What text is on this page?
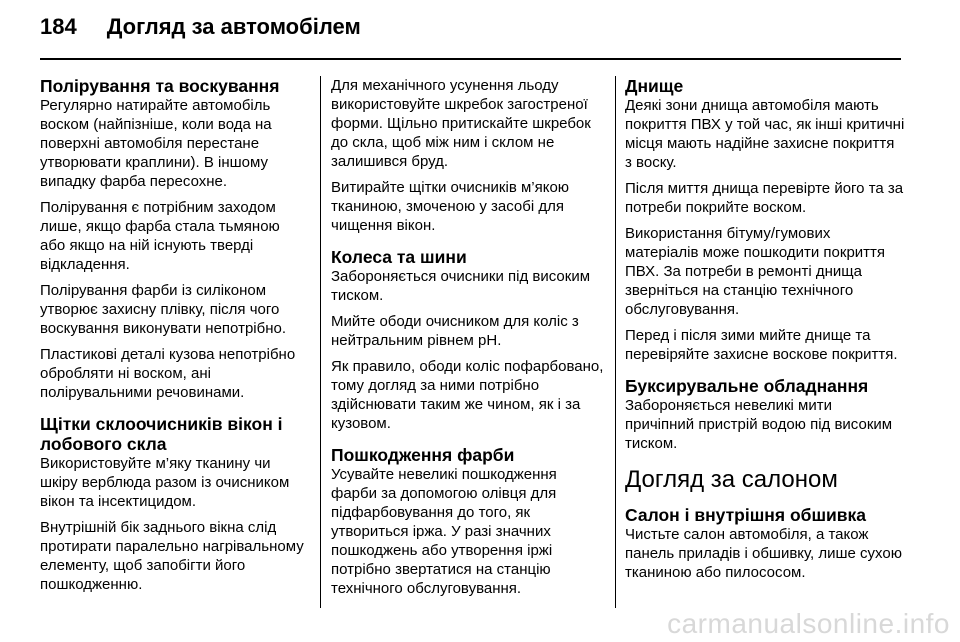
184 Догляд за автомобілем
Полірування та воскування

Регулярно натирайте автомобіль воском (найпізніше, коли вода на поверхні автомобіля перестане утворювати краплини). В іншому випадку фарба пересохне.

Полірування є потрібним заходом лише, якщо фарба стала тьмяною або якщо на ній існують тверді відкладення.

Полірування фарби із силіконом утворює захисну плівку, після чого воскування виконувати непотрібно.

Пластикові деталі кузова непотрібно обробляти ні воском, ані полірувальними речовинами.

Щітки склоочисників вікон і лобового скла

Використовуйте м’яку тканину чи шкіру верблюда разом із очисником вікон та інсектицидом.

Внутрішній бік заднього вікна слід протирати паралельно нагрівальному елементу, щоб запобігти його пошкодженню.

Для механічного усунення льоду використовуйте шкребок загостреної форми. Щільно притискайте шкребок до скла, щоб між ним і склом не залишився бруд.

Витирайте щітки очисників м’якою тканиною, змоченою у засобі для чищення вікон.

Колеса та шини

Забороняється очисники під високим тиском.

Мийте ободи очисником для коліс з нейтральним рівнем pH.

Як правило, ободи коліс пофарбовано, тому догляд за ними потрібно здійснювати таким же чином, як і за кузовом.

Пошкодження фарби

Усувайте невеликі пошкодження фарби за допомогою олівця для підфарбовування до того, як утвориться іржа. У разі значних пошкоджень або утворення іржі потрібно звертатися на станцію технічного обслуговування.

Днище

Деякі зони днища автомобіля мають покриття ПВХ у той час, як інші критичні місця мають надійне захисне покриття з воску.

Після миття днища перевірте його та за потреби покрийте воском.

Використання бітуму/гумових матеріалів може пошкодити покриття ПВХ. За потреби в ремонті днища зверніться на станцію технічного обслуговування.

Перед і після зими мийте днище та перевіряйте захисне воскове покриття.

Буксирувальне обладнання

Забороняється невеликі мити причіпний пристрій водою під високим тиском.

Догляд за салоном
Салон і внутрішня обшивка

Чистьте салон автомобіля, а також панель приладів і обшивку, лише сухою тканиною або пилососом.

carmanualsonline.info
